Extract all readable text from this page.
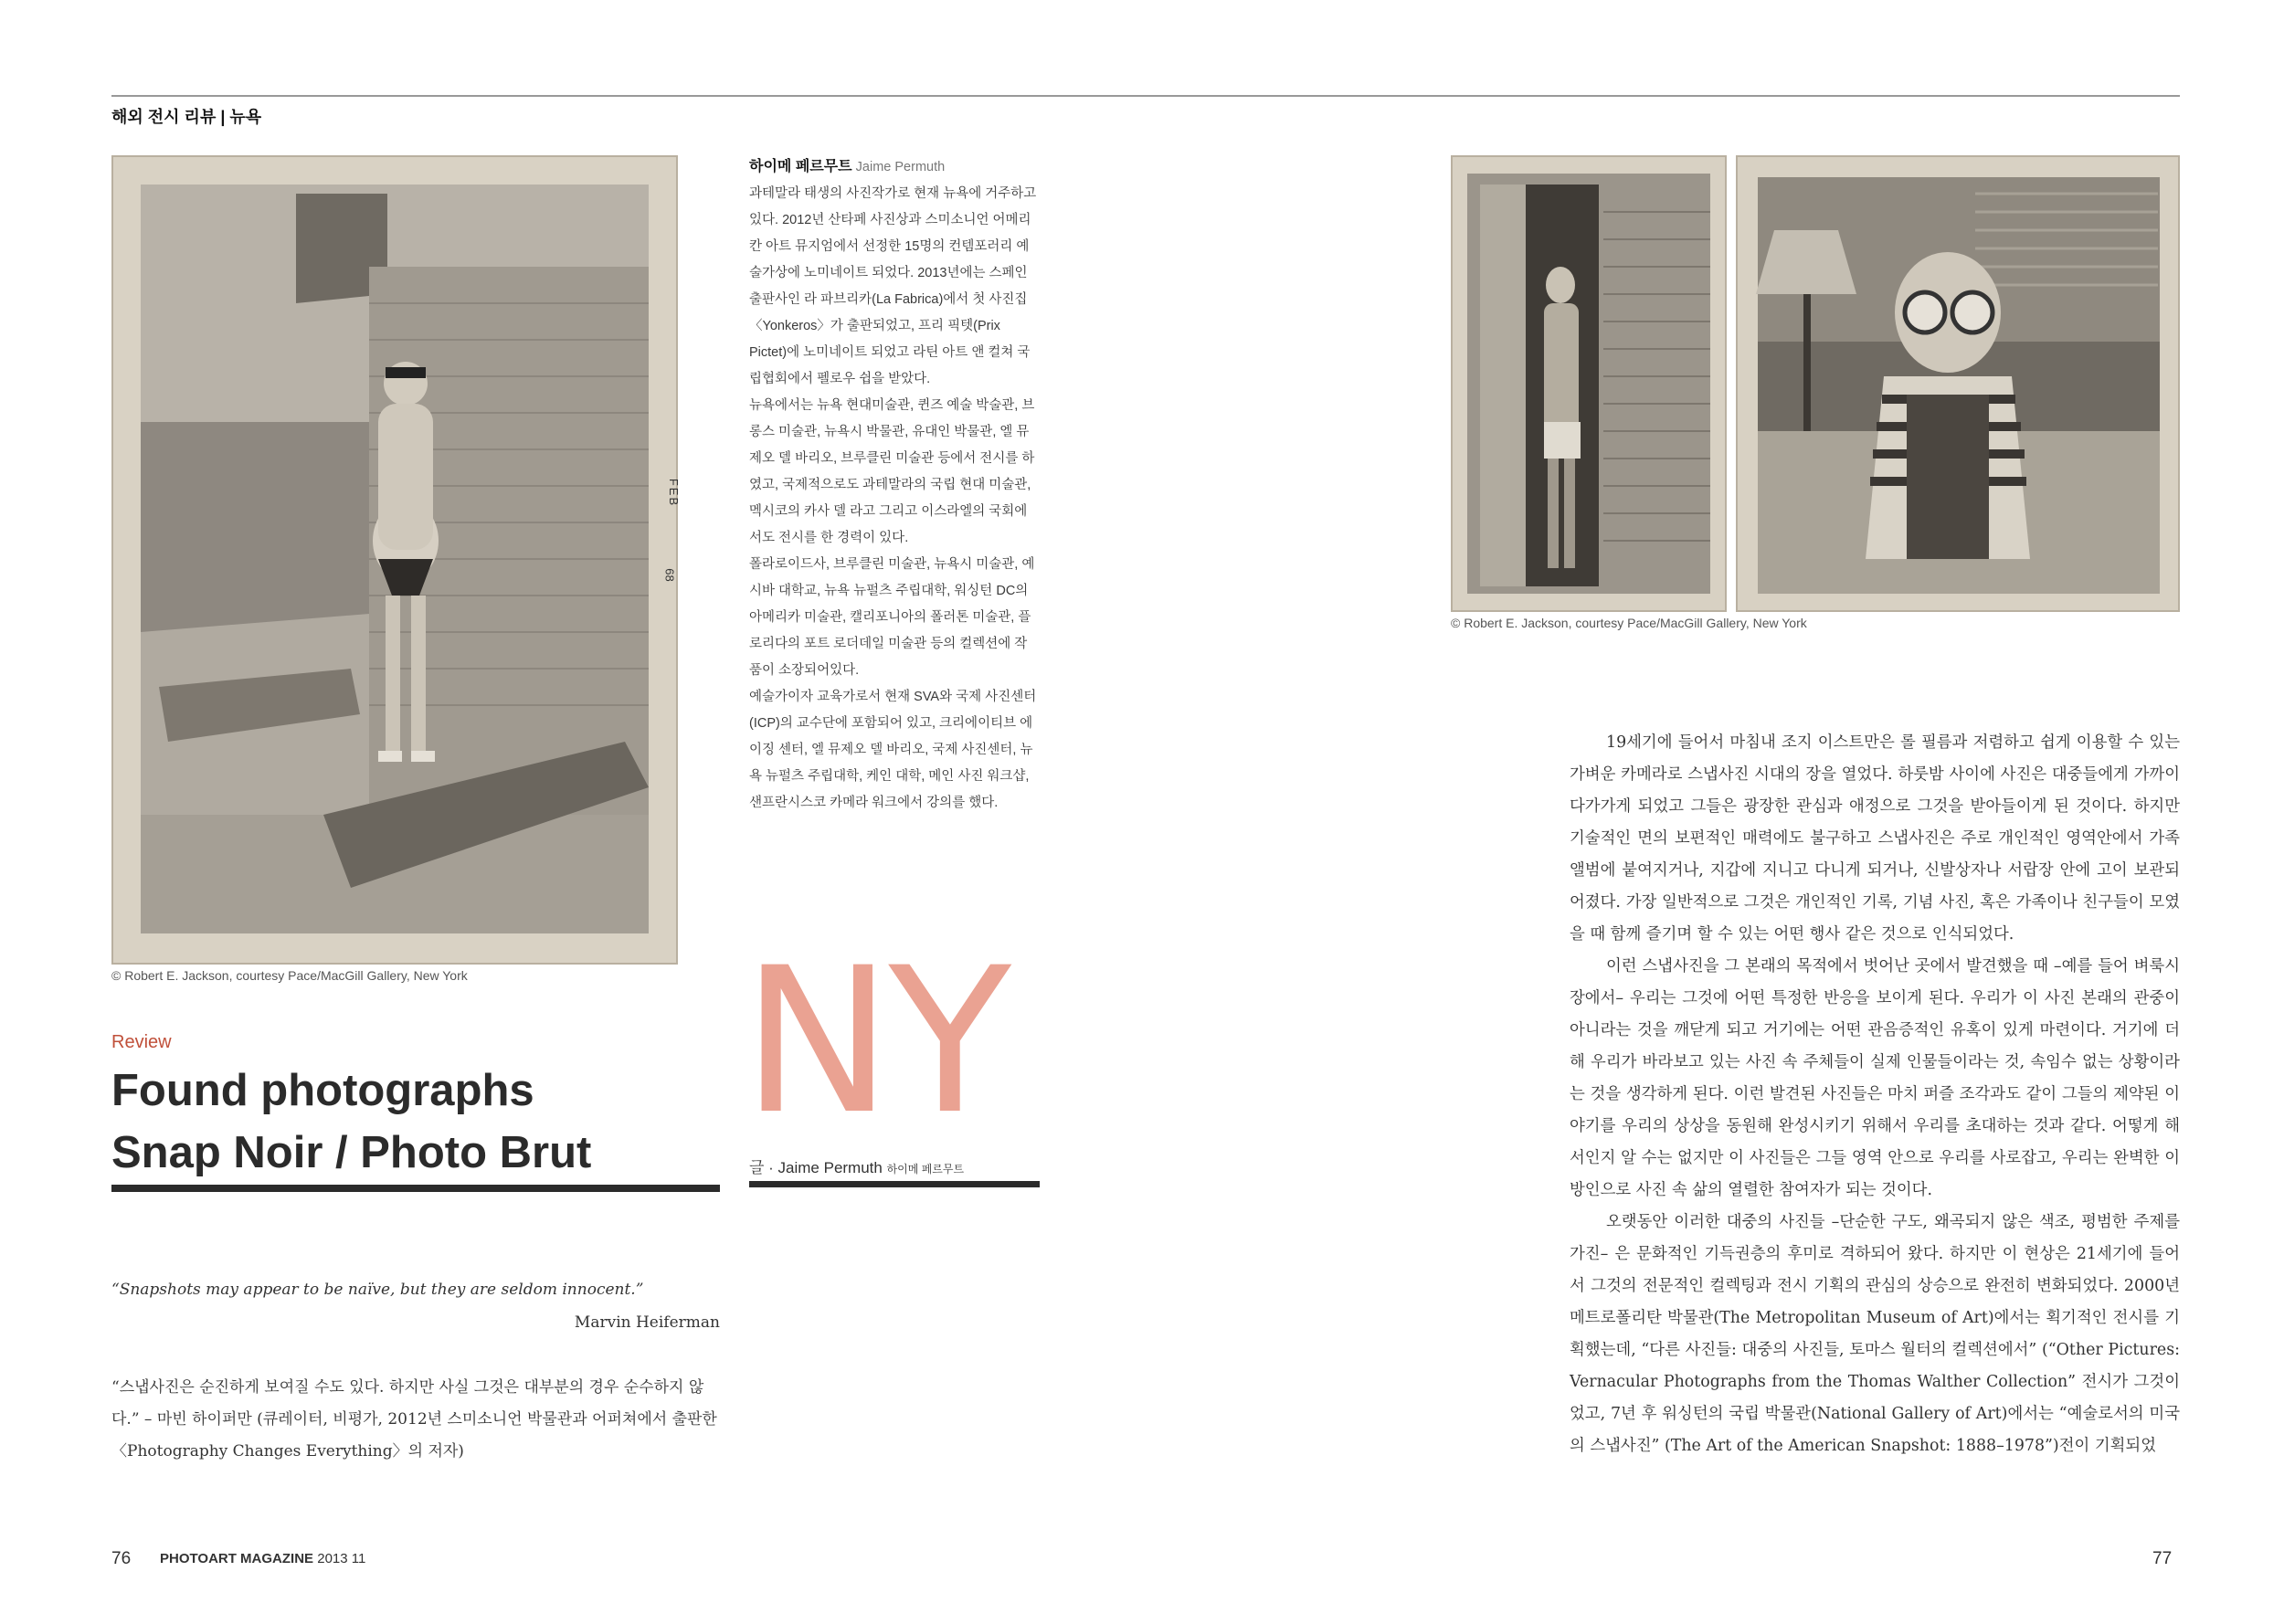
해외 전시 리뷰 | 뉴욕
FEB
68
© Robert E. Jackson, courtesy Pace/MacGill Gallery, New York
하이메 페르무트 Jaime Permuth

과테말라 태생의 사진작가로 현재 뉴욕에 거주하고 있다. 2012년 산타페 사진상과 스미소니언 어메리칸 아트 뮤지엄에서 선정한 15명의 컨템포러리 예술가상에 노미네이트 되었다. 2013년에는 스페인 출판사인 라 파브리카(La Fabrica)에서 첫 사진집 〈Yonkeros〉가 출판되었고, 프리 픽텟(Prix Pictet)에 노미네이트 되었고 라틴 아트 앤 컬쳐 국립협회에서 펠로우 쉽을 받았다.

뉴욕에서는 뉴욕 현대미술관, 퀸즈 예술 박술관, 브롱스 미술관, 뉴욕시 박물관, 유대인 박물관, 엘 뮤제오 델 바리오, 브루클린 미술관 등에서 전시를 하였고, 국제적으로도 과테말라의 국립 현대 미술관, 멕시코의 카사 델 라고 그리고 이스라엘의 국회에서도 전시를 한 경력이 있다.

폴라로이드사, 브루클린 미술관, 뉴욕시 미술관, 예시바 대학교, 뉴욕 뉴펄츠 주립대학, 워싱턴 DC의 아메리카 미술관, 캘리포니아의 폴러톤 미술관, 플로리다의 포트 로더데일 미술관 등의 컬렉션에 작품이 소장되어있다.

예술가이자 교육가로서 현재 SVA와 국제 사진센터(ICP)의 교수단에 포함되어 있고, 크리에이티브 에이징 센터, 엘 뮤제오 델 바리오, 국제 사진센터, 뉴욕 뉴펄츠 주립대학, 케인 대학, 메인 사진 워크샵, 샌프란시스코 카메라 워크에서 강의를 했다.

© Robert E. Jackson, courtesy Pace/MacGill Gallery, New York
Review
Found photographs
Snap Noir / Photo Brut NY
글 · Jaime Permuth 하이메 페르무트
“Snapshots may appear to be naïve, but they are seldom innocent.”
Marvin Heiferman
“스냅사진은 순진하게 보여질 수도 있다. 하지만 사실 그것은 대부분의 경우 순수하지 않다.” – 마빈 하이퍼만 (큐레이터, 비평가, 2012년 스미소니언 박물관과 어퍼쳐에서 출판한 〈Photography Changes Everything〉의 저자)

19세기에 들어서 마침내 조지 이스트만은 롤 필름과 저렴하고 쉽게 이용할 수 있는 가벼운 카메라로 스냅사진 시대의 장을 열었다. 하룻밤 사이에 사진은 대중들에게 가까이 다가가게 되었고 그들은 광장한 관심과 애정으로 그것을 받아들이게 된 것이다. 하지만 기술적인 면의 보편적인 매력에도 불구하고 스냅사진은 주로 개인적인 영역안에서 가족앨범에 붙여지거나, 지갑에 지니고 다니게 되거나, 신발상자나 서랍장 안에 고이 보관되어졌다. 가장 일반적으로 그것은 개인적인 기록, 기념 사진, 혹은 가족이나 친구들이 모였을 때 함께 즐기며 할 수 있는 어떤 행사 같은 것으로 인식되었다.

이런 스냅사진을 그 본래의 목적에서 벗어난 곳에서 발견했을 때 –예를 들어 벼룩시장에서– 우리는 그것에 어떤 특정한 반응을 보이게 된다. 우리가 이 사진 본래의 관중이 아니라는 것을 깨닫게 되고 거기에는 어떤 관음증적인 유혹이 있게 마련이다. 거기에 더해 우리가 바라보고 있는 사진 속 주체들이 실제 인물들이라는 것, 속임수 없는 상황이라는 것을 생각하게 된다. 이런 발견된 사진들은 마치 퍼즐 조각과도 같이 그들의 제약된 이야기를 우리의 상상을 동원해 완성시키기 위해서 우리를 초대하는 것과 같다. 어떻게 해서인지 알 수는 없지만 이 사진들은 그들 영역 안으로 우리를 사로잡고, 우리는 완벽한 이방인으로 사진 속 삶의 열렬한 참여자가 되는 것이다.

오랫동안 이러한 대중의 사진들 –단순한 구도, 왜곡되지 않은 색조, 평범한 주제를 가진– 은 문화적인 기득권층의 후미로 격하되어 왔다. 하지만 이 현상은 21세기에 들어서 그것의 전문적인 컬렉팅과 전시 기획의 관심의 상승으로 완전히 변화되었다. 2000년 메트로폴리탄 박물관(The Metropolitan Museum of Art)에서는 획기적인 전시를 기획했는데, “다른 사진들: 대중의 사진들, 토마스 월터의 컬렉션에서” (“Other Pictures: Vernacular Photographs from the Thomas Walther Collection” 전시가 그것이었고, 7년 후 워싱턴의 국립 박물관(National Gallery of Art)에서는 “예술로서의 미국의 스냅사진” (The Art of the American Snapshot: 1888–1978”)전이 기획되었

76 PHOTOART MAGAZINE 2013 11	77
